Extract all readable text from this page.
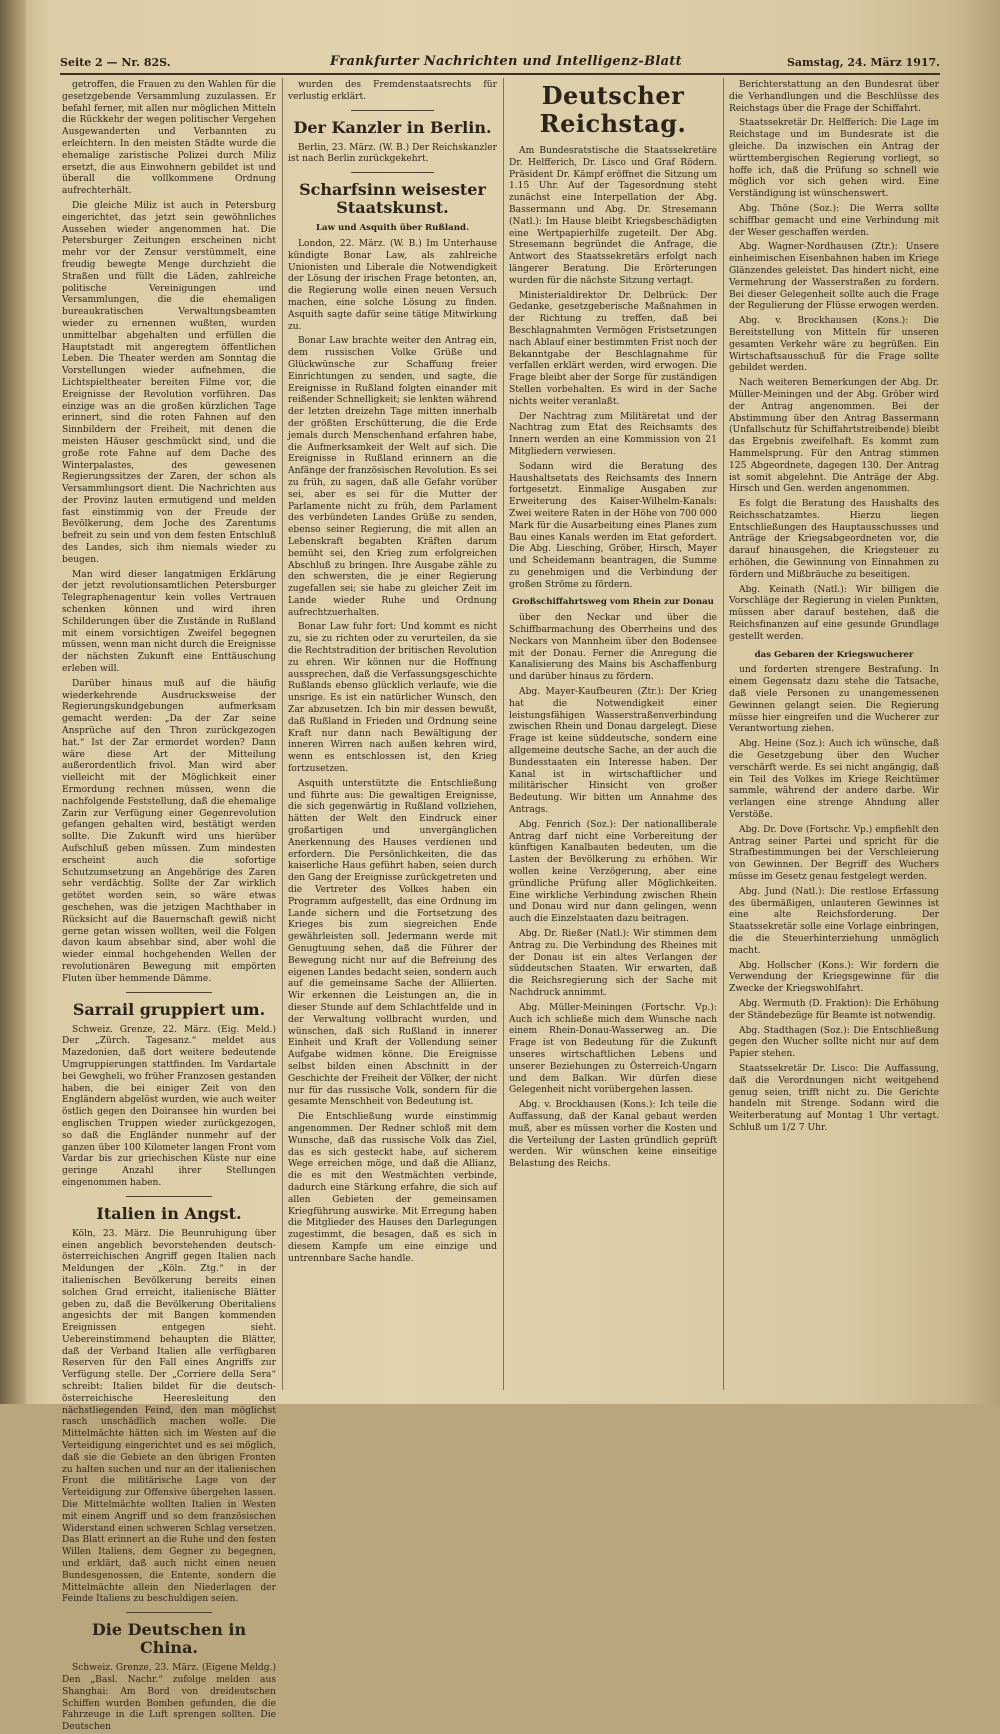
Seite 2 — Nr. 82S.	Frankfurter Nachrichten und Intelligenz-Blatt	Samstag, 24. März 1917.

getroffen, die Frauen zu den Wahlen für die gesetzgebende Versammlung zuzulassen. Er befahl ferner, mit allen nur möglichen Mitteln die Rückkehr der wegen politischer Vergehen Ausgewanderten und Verbannten zu erleichtern. In den meisten Städte wurde die ehemalige zaristische Polizei durch Miliz ersetzt, die aus Einwohnern gebildet ist und überall die vollkommene Ordnung aufrechterhält.

Die gleiche Miliz ist auch in Petersburg eingerichtet, das jetzt sein gewöhnliches Aussehen wieder angenommen hat. Die Petersburger Zeitungen erscheinen nicht mehr vor der Zensur verstümmelt, eine freudig bewegte Menge durchzieht die Straßen und füllt die Läden, zahlreiche politische Vereinigungen und Versammlungen, die die ehemaligen bureaukratischen Verwaltungsbeamten wieder zu ernennen wußten, wurden unmittelbar abgehalten und erfüllen die Hauptstadt mit angeregtem öffentlichen Leben. Die Theater werden am Sonntag die Vorstellungen wieder aufnehmen, die Lichtspieltheater bereiten Filme vor, die Ereignisse der Revolution vorführen. Das einzige was an die großen kürzlichen Tage erinnert, sind die roten Fahnen auf den Sinnbildern der Freiheit, mit denen die meisten Häuser geschmückt sind, und die große rote Fahne auf dem Dache des Winterpalastes, des gewesenen Regierungssitzes der Zaren, der schon als Versammlungsort dient. Die Nachrichten aus der Provinz lauten ermutigend und melden fast einstimmig von der Freude der Bevölkerung, dem Joche des Zarentums befreit zu sein und von dem festen Entschluß des Landes, sich ihm niemals wieder zu beugen.

Man wird dieser langatmigen Erklärung der jetzt revolutionsamtlichen Petersburger Telegraphenagentur kein volles Vertrauen schenken können und wird ihren Schilderungen über die Zustände in Rußland mit einem vorsichtigen Zweifel begegnen müssen, wenn man nicht durch die Ereignisse der nächsten Zukunft eine Enttäuschung erleben will.

Darüber hinaus muß auf die häufig wiederkehrende Ausdrucksweise der Regierungskundgebungen aufmerksam gemacht werden: „Da der Zar seine Ansprüche auf den Thron zurückgezogen hat.“ Ist der Zar ermordet worden? Dann wäre diese Art der Mitteilung außerordentlich frivol. Man wird aber vielleicht mit der Möglichkeit einer Ermordung rechnen müssen, wenn die nachfolgende Feststellung, daß die ehemalige Zarin zur Verfügung einer Gegenrevolution gefangen gehalten wird, bestätigt werden sollte. Die Zukunft wird uns hierüber Aufschluß geben müssen. Zum mindesten erscheint auch die sofortige Schutzumsetzung an Angehörige des Zaren sehr verdächtig. Sollte der Zar wirklich getötet worden sein, so wäre etwas geschehen, was die jetzigen Machthaber in Rücksicht auf die Bauernschaft gewiß nicht gerne getan wissen wollten, weil die Folgen davon kaum absehbar sind, aber wohl die wieder einmal hochgehenden Wellen der revolutionären Bewegung mit empörten Fluten über hemmende Dämme.

Sarrail gruppiert um.

Schweiz. Grenze, 22. März. (Eig. Meld.) Der „Zürch. Tagesanz.“ meldet aus Mazedonien, daß dort weitere bedeutende Umgruppierungen stattfinden. Im Vardartale bei Gewgheli, wo früher Franzosen gestanden haben, die bei einiger Zeit von den Engländern abgelöst wurden, wie auch weiter östlich gegen den Doiransee hin wurden bei englischen Truppen wieder zurückgezogen, so daß die Engländer nunmehr auf der ganzen über 100 Kilometer langen Front vom Vardar bis zur griechischen Küste nur eine geringe Anzahl ihrer Stellungen eingenommen haben.

Italien in Angst.

Köln, 23. März. Die Beunruhigung über einen angeblich bevorstehenden deutsch-österreichischen Angriff gegen Italien nach Meldungen der „Köln. Ztg.“ in der italienischen Bevölkerung bereits einen solchen Grad erreicht, italienische Blätter geben zu, daß die Bevölkerung Oberitaliens angesichts der mit Bangen kommenden Ereignissen entgegen sieht. Uebereinstimmend behaupten die Blätter, daß der Verband Italien alle verfügbaren Reserven für den Fall eines Angriffs zur Verfügung stelle. Der „Corriere della Sera“ schreibt: Italien bildet für die deutsch-österreichische Heeresleitung den nächstliegenden Feind, den man möglichst rasch unschädlich machen wolle. Die Mittelmächte hätten sich im Westen auf die Verteidigung eingerichtet und es sei möglich, daß sie die Gebiete an den übrigen Fronten zu halten suchen und nur an der italienischen Front die militärische Lage von der Verteidigung zur Offensive übergehen lassen. Die Mittelmächte wollten Italien in Westen mit einem Angriff und so dem französischen Widerstand einen schweren Schlag versetzen. Das Blatt erinnert an die Ruhe und den festen Willen Italiens, dem Gegner zu begegnen, und erklärt, daß auch nicht einen neuen Bundesgenossen, die Entente, sondern die Mittelmächte allein den Niederlagen der Feinde Italiens zu beschuldigen seien.

Die Deutschen in China.

Schweiz. Grenze, 23. März. (Eigene Meldg.) Den „Basl. Nachr.“ zufolge melden aus Shanghai: Am Bord von dreideutschen Schiffen wurden Bomben gefunden, die die Fahrzeuge in die Luft sprengen sollten. Die Deutschen

wurden des Fremdenstaatsrechts für verlustig erklärt.

Der Kanzler in Berlin.

Berlin, 23. März. (W. B.) Der Reichskanzler ist nach Berlin zurückgekehrt.

Scharfsinn weisester Staatskunst.
Law und Asquith über Rußland.

London, 22. März. (W. B.) Im Unterhause kündigte Bonar Law, als zahlreiche Unionisten und Liberale die Notwendigkeit der Lösung der irischen Frage betonten, an, die Regierung wolle einen neuen Versuch machen, eine solche Lösung zu finden. Asquith sagte dafür seine tätige Mitwirkung zu.

Bonar Law brachte weiter den Antrag ein, dem russischen Volke Grüße und Glückwünsche zur Schaffung freier Einrichtungen zu senden, und sagte, die Ereignisse in Rußland folgten einander mit reißender Schnelligkeit; sie lenkten während der letzten dreizehn Tage mitten innerhalb der größten Erschütterung, die die Erde jemals durch Menschenhand erfahren habe, die Aufmerksamkeit der Welt auf sich. Die Ereignisse in Rußland erinnern an die Anfänge der französischen Revolution. Es sei zu früh, zu sagen, daß alle Gefahr vorüber sei, aber es sei für die Mutter der Parlamente nicht zu früh, dem Parlament des verbündeten Landes Grüße zu senden, ebenso seiner Regierung, die mit allen an Lebenskraft begabten Kräften darum bemüht sei, den Krieg zum erfolgreichen Abschluß zu bringen. Ihre Ausgabe zähle zu den schwersten, die je einer Regierung zugefallen sei; sie habe zu gleicher Zeit im Lande wieder Ruhe und Ordnung aufrechtzuerhalten.

Bonar Law fuhr fort: Und kommt es nicht zu, sie zu richten oder zu verurteilen, da sie die Rechtstradition der britischen Revolution zu ehren. Wir können nur die Hoffnung aussprechen, daß die Verfassungsgeschichte Rußlands ebenso glücklich verlaufe, wie die unsrige. Es ist ein natürlicher Wunsch, den Zar abzusetzen. Ich bin mir dessen bewußt, daß Rußland in Frieden und Ordnung seine Kraft nur dann nach Bewältigung der inneren Wirren nach außen kehren wird, wenn es entschlossen ist, den Krieg fortzusetzen.

Asquith unterstützte die Entschließung und führte aus: Die gewaltigen Ereignisse, die sich gegenwärtig in Rußland vollziehen, hätten der Welt den Eindruck einer großartigen und unvergänglichen Anerkennung des Hauses verdienen und erfordern. Die Persönlichkeiten, die das kaiserliche Haus geführt haben, seien durch den Gang der Ereignisse zurückgetreten und die Vertreter des Volkes haben ein Programm aufgestellt, das eine Ordnung im Lande sichern und die Fortsetzung des Krieges bis zum siegreichen Ende gewährleisten soll. Jedermann werde mit Genugtuung sehen, daß die Führer der Bewegung nicht nur auf die Befreiung des eigenen Landes bedacht seien, sondern auch auf die gemeinsame Sache der Alliierten. Wir erkennen die Leistungen an, die in dieser Stunde auf dem Schlachtfelde und in der Verwaltung vollbracht wurden, und wünschen, daß sich Rußland in innerer Einheit und Kraft der Vollendung seiner Aufgabe widmen könne. Die Ereignisse selbst bilden einen Abschnitt in der Geschichte der Freiheit der Völker, der nicht nur für das russische Volk, sondern für die gesamte Menschheit von Bedeutung ist.

Die Entschließung wurde einstimmig angenommen. Der Redner schloß mit dem Wunsche, daß das russische Volk das Ziel, das es sich gesteckt habe, auf sicherem Wege erreichen möge, und daß die Allianz, die es mit den Westmächten verbinde, dadurch eine Stärkung erfahre, die sich auf allen Gebieten der gemeinsamen Kriegführung auswirke. Mit Erregung haben die Mitglieder des Hauses den Darlegungen zugestimmt, die besagen, daß es sich in diesem Kampfe um eine einzige und untrennbare Sache handle.

Deutscher Reichstag.

Am Bundesratstische die Staatssekretäre Dr. Helfferich, Dr. Lisco und Graf Rödern. Präsident Dr. Kämpf eröffnet die Sitzung um 1.15 Uhr. Auf der Tagesordnung steht zunächst eine Interpellation der Abg. Bassermann und Abg. Dr. Stresemann (Natl.): Im Hause bleibt Kriegsbeschädigten eine Wertpapierhilfe zugeteilt. Der Abg. Stresemann begründet die Anfrage, die Antwort des Staatssekretärs erfolgt nach längerer Beratung. Die Erörterungen wurden für die nächste Sitzung vertagt.

Ministerialdirektor Dr. Delbrück: Der Gedanke, gesetzgeberische Maßnahmen in der Richtung zu treffen, daß bei Beschlagnahmten Vermögen Fristsetzungen nach Ablauf einer bestimmten Frist noch der Bekanntgabe der Beschlagnahme für verfallen erklärt werden, wird erwogen. Die Frage bleibt aber der Sorge für zuständigen Stellen vorbehalten. Es wird in der Sache nichts weiter veranlaßt.

Der Nachtrag zum Militäretat und der Nachtrag zum Etat des Reichsamts des Innern werden an eine Kommission von 21 Mitgliedern verwiesen.

Sodann wird die Beratung des Haushaltsetats des Reichsamts des Innern fortgesetzt. Einmalige Ausgaben zur Erweiterung des Kaiser-Wilhelm-Kanals: Zwei weitere Raten in der Höhe von 700 000 Mark für die Ausarbeitung eines Planes zum Bau eines Kanals werden im Etat gefordert. Die Abg. Liesching, Gröber, Hirsch, Mayer und Scheidemann beantragen, die Summe zu genehmigen und die Verbindung der großen Ströme zu fördern.

Großschiffahrtsweg vom Rhein zur Donau

über den Neckar und über die Schiffbarmachung des Oberrheins und des Neckars von Mannheim über den Bodensee mit der Donau. Ferner die Anregung die Kanalisierung des Mains bis Aschaffenburg und darüber hinaus zu fördern.

Abg. Mayer-Kaufbeuren (Ztr.): Der Krieg hat die Notwendigkeit einer leistungsfähigen Wasserstraßenverbindung zwischen Rhein und Donau dargelegt. Diese Frage ist keine süddeutsche, sondern eine allgemeine deutsche Sache, an der auch die Bundesstaaten ein Interesse haben. Der Kanal ist in wirtschaftlicher und militärischer Hinsicht von großer Bedeutung. Wir bitten um Annahme des Antrags.

Abg. Fenrich (Soz.): Der nationalliberale Antrag darf nicht eine Vorbereitung der künftigen Kanalbauten bedeuten, um die Lasten der Bevölkerung zu erhöhen. Wir wollen keine Verzögerung, aber eine gründliche Prüfung aller Möglichkeiten. Eine wirkliche Verbindung zwischen Rhein und Donau wird nur dann gelingen, wenn auch die Einzelstaaten dazu beitragen.

Abg. Dr. Rießer (Natl.): Wir stimmen dem Antrag zu. Die Verbindung des Rheines mit der Donau ist ein altes Verlangen der süddeutschen Staaten. Wir erwarten, daß die Reichsregierung sich der Sache mit Nachdruck annimmt.

Abg. Müller-Meiningen (Fortschr. Vp.): Auch ich schließe mich dem Wunsche nach einem Rhein-Donau-Wasserweg an. Die Frage ist von Bedeutung für die Zukunft unseres wirtschaftlichen Lebens und unserer Beziehungen zu Österreich-Ungarn und dem Balkan. Wir dürfen diese Gelegenheit nicht vorübergehen lassen.

Abg. v. Brockhausen (Kons.): Ich teile die Auffassung, daß der Kanal gebaut werden muß, aber es müssen vorher die Kosten und die Verteilung der Lasten gründlich geprüft werden. Wir wünschen keine einseitige Belastung des Reichs.

Berichterstattung an den Bundesrat über die Verhandlungen und die Beschlüsse des Reichstags über die Frage der Schiffahrt.

Staatssekretär Dr. Helfferich: Die Lage im Reichstage und im Bundesrate ist die gleiche. Da inzwischen ein Antrag der württembergischen Regierung vorliegt, so hoffe ich, daß die Prüfung so schnell wie möglich vor sich gehen wird. Eine Verständigung ist wünschenswert.

Abg. Thöne (Soz.): Die Werra sollte schiffbar gemacht und eine Verbindung mit der Weser geschaffen werden.

Abg. Wagner-Nordhausen (Ztr.): Unsere einheimischen Eisenbahnen haben im Kriege Glänzendes geleistet. Das hindert nicht, eine Vermehrung der Wasserstraßen zu fordern. Bei dieser Gelegenheit sollte auch die Frage der Regulierung der Flüsse erwogen werden.

Abg. v. Brockhausen (Kons.): Die Bereitstellung von Mitteln für unseren gesamten Verkehr wäre zu begrüßen. Ein Wirtschaftsausschuß für die Frage sollte gebildet werden.

Nach weiteren Bemerkungen der Abg. Dr. Müller-Meiningen und der Abg. Gröber wird der Antrag angenommen. Bei der Abstimmung über den Antrag Bassermann (Unfallschutz für Schiffahrtstreibende) bleibt das Ergebnis zweifelhaft. Es kommt zum Hammelsprung. Für den Antrag stimmen 125 Abgeordnete, dagegen 130. Der Antrag ist somit abgelehnt. Die Anträge der Abg. Hirsch und Gen. werden angenommen.

Es folgt die Beratung des Haushalts des Reichsschatzamtes. Hierzu liegen Entschließungen des Hauptausschusses und Anträge der Kriegsabgeordneten vor, die darauf hinausgehen, die Kriegsteuer zu erhöhen, die Gewinnung von Einnahmen zu fördern und Mißbräuche zu beseitigen.

Abg. Keinath (Natl.): Wir billigen die Vorschläge der Regierung in vielen Punkten, müssen aber darauf bestehen, daß die Reichsfinanzen auf eine gesunde Grundlage gestellt werden.

das Gebaren der Kriegswucherer

und forderten strengere Bestrafung. In einem Gegensatz dazu stehe die Tatsache, daß viele Personen zu unangemessenen Gewinnen gelangt seien. Die Regierung müsse hier eingreifen und die Wucherer zur Verantwortung ziehen.

Abg. Heine (Soz.): Auch ich wünsche, daß die Gesetzgebung über den Wucher verschärft werde. Es sei nicht angängig, daß ein Teil des Volkes im Kriege Reichtümer sammle, während der andere darbe. Wir verlangen eine strenge Ahndung aller Verstöße.

Abg. Dr. Dove (Fortschr. Vp.) empfiehlt den Antrag seiner Partei und spricht für die Strafbestimmungen bei der Verschleierung von Gewinnen. Der Begriff des Wuchers müsse im Gesetz genau festgelegt werden.

Abg. Jund (Natl.): Die restlose Erfassung des übermäßigen, unlauteren Gewinnes ist eine alte Reichsforderung. Der Staatssekretär solle eine Vorlage einbringen, die die Steuerhinterziehung unmöglich macht.

Abg. Hollscher (Kons.): Wir fordern die Verwendung der Kriegsgewinne für die Zwecke der Kriegswohlfahrt.

Abg. Wermuth (D. Fraktion): Die Erhöhung der Ständebezüge für Beamte ist notwendig.

Abg. Stadthagen (Soz.): Die Entschließung gegen den Wucher sollte nicht nur auf dem Papier stehen.

Staatssekretär Dr. Lisco: Die Auffassung, daß die Verordnungen nicht weitgehend genug seien, trifft nicht zu. Die Gerichte handeln mit Strenge. Sodann wird die Weiterberatung auf Montag 1 Uhr vertagt. Schluß um 1/2 7 Uhr.
